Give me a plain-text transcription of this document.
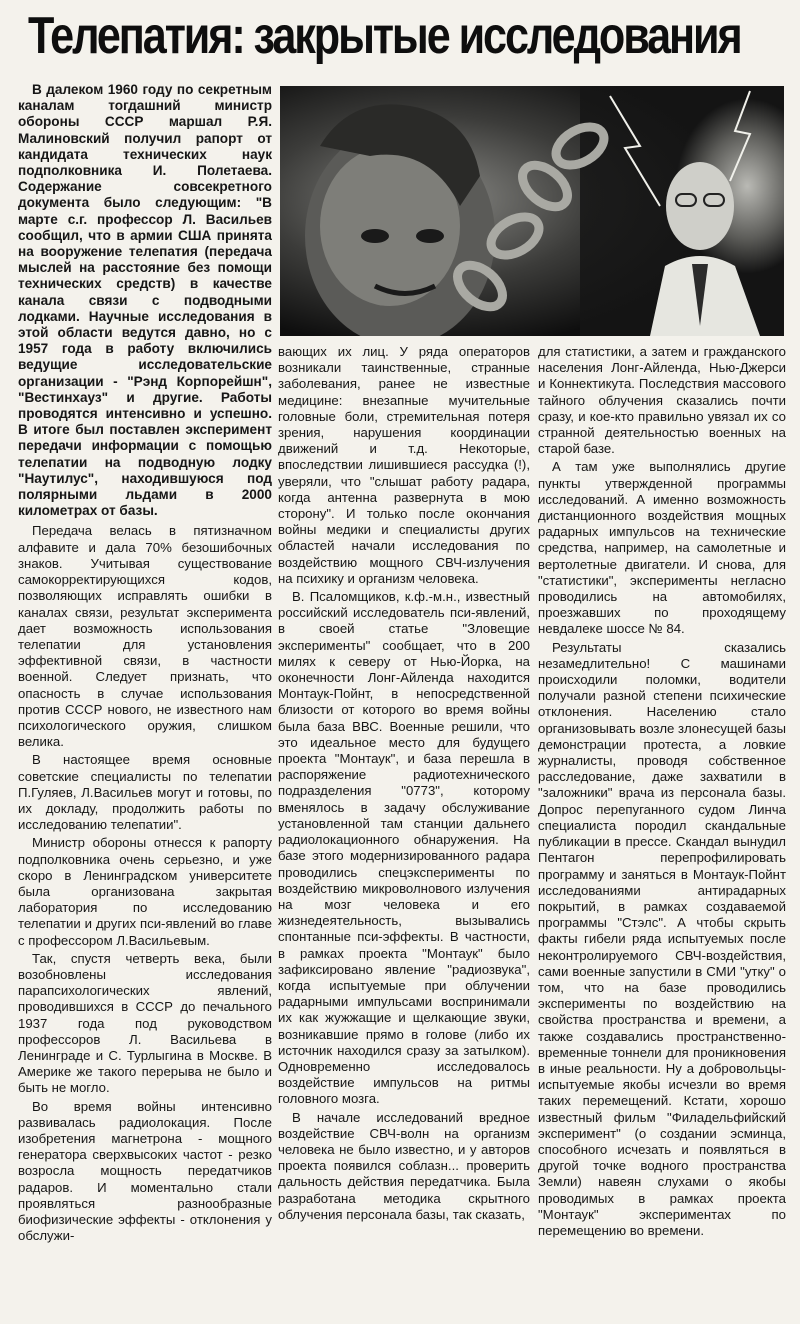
Телепатия: закрытые исследования

В далеком 1960 году по секретным каналам тогдашний министр обороны СССР маршал Р.Я. Малиновский получил рапорт от кандидата технических наук подполковника И. Полетаева. Содержание совсекретного документа было следующим: "В марте с.г. профессор Л. Васильев сообщил, что в армии США принята на вооружение телепатия (передача мыслей на расстояние без помощи технических средств) в качестве канала связи с подводными лодками. Научные исследования в этой области ведутся давно, но с 1957 года в работу включились ведущие исследовательские организации - "Рэнд Корпорейшн", "Вестинхауз" и другие. Работы проводятся интенсивно и успешно. В итоге был поставлен эксперимент передачи информации с помощью телепатии на подводную лодку "Наутилус", находившуюся под полярными льдами в 2000 километрах от базы.

Передача велась в пятизначном алфавите и дала 70% безошибочных знаков. Учитывая существование самокорректирующихся кодов, позволяющих исправлять ошибки в каналах связи, результат эксперимента дает возможность использования телепатии для установления эффективной связи, в частности военной. Следует признать, что опасность в случае использования против СССР нового, не известного нам психологического оружия, слишком велика.

В настоящее время основные советские специалисты по телепатии П.Гуляев, Л.Васильев могут и готовы, по их докладу, продолжить работы по исследованию телепатии".

Министр обороны отнесся к рапорту подполковника очень серьезно, и уже скоро в Ленинградском университете была организована закрытая лаборатория по исследованию телепатии и других пси-явлений во главе с профессором Л.Васильевым.

Так, спустя четверть века, были возобновлены исследования парапсихологических явлений, проводившихся в СССР до печального 1937 года под руководством профессоров Л. Васильева в Ленинграде и С. Турлыгина в Москве. В Америке же такого перерыва не было и быть не могло.

Во время войны интенсивно развивалась радиолокация. После изобретения магнетрона - мощного генератора сверхвысоких частот - резко возросла мощность передатчиков радаров. И моментально стали проявляться разнообразные биофизические эффекты - отклонения у обслужи-

вающих их лиц. У ряда операторов возникали таинственные, странные заболевания, ранее не известные медицине: внезапные мучительные головные боли, стремительная потеря зрения, нарушения координации движений и т.д. Некоторые, впоследствии лишившиеся рассудка (!), уверяли, что "слышат работу радара, когда антенна развернута в мою сторону". И только после окончания войны медики и специалисты других областей начали исследования по воздействию мощного СВЧ-излучения на психику и организм человека.

В. Псаломщиков, к.ф.-м.н., известный российский исследователь пси-явлений, в своей статье "Зловещие эксперименты" сообщает, что в 200 милях к северу от Нью-Йорка, на оконечности Лонг-Айленда находится Монтаук-Пойнт, в непосредственной близости от которого во время войны была база ВВС. Военные решили, что это идеальное место для будущего проекта "Монтаук", и база перешла в распоряжение радиотехнического подразделения "0773", которому вменялось в задачу обслуживание установленной там станции дальнего радиолокационного обнаружения. На базе этого модернизированного радара проводились спецэксперименты по воздействию микроволнового излучения на мозг человека и его жизнедеятельность, вызывались спонтанные пси-эффекты. В частности, в рамках проекта "Монтаук" было зафиксировано явление "радиозвука", когда испытуемые при облучении радарными импульсами воспринимали их как жужжащие и щелкающие звуки, возникавшие прямо в голове (либо их источник находился сразу за затылком). Одновременно исследовалось воздействие импульсов на ритмы головного мозга.

В начале исследований вредное воздействие СВЧ-волн на организм человека не было известно, и у авторов проекта появился соблазн... проверить дальность действия передатчика. Была разработана методика скрытного облучения персонала базы, так сказать,

для статистики, а затем и гражданского населения Лонг-Айленда, Нью-Джерси и Коннектикута. Последствия массового тайного облучения сказались почти сразу, и кое-кто правильно увязал их со странной деятельностью военных на старой базе.

А там уже выполнялись другие пункты утвержденной программы исследований. А именно возможность дистанционного воздействия мощных радарных импульсов на технические средства, например, на самолетные и вертолетные двигатели. И снова, для "статистики", эксперименты негласно проводились на автомобилях, проезжавших по проходящему невдалеке шоссе № 84.

Результаты сказались незамедлительно! С машинами происходили поломки, водители получали разной степени психические отклонения. Населению стало организовывать возле злонесущей базы демонстрации протеста, а ловкие журналисты, проводя собственное расследование, даже захватили в "заложники" врача из персонала базы. Допрос перепуганного судом Линча специалиста породил скандальные публикации в прессе. Скандал вынудил Пентагон перепрофилировать программу и заняться в Монтаук-Пойнт исследованиями антирадарных покрытий, в рамках создаваемой программы "Стэлс". А чтобы скрыть факты гибели ряда испытуемых после неконтролируемого СВЧ-воздействия, сами военные запустили в СМИ "утку" о том, что на базе проводились эксперименты по воздействию на свойства пространства и времени, а также создавались пространственно-временные тоннели для проникновения в иные реальности. Ну а добровольцы-испытуемые якобы исчезли во время таких перемещений. Кстати, хорошо известный фильм "Филадельфийский эксперимент" (о создании эсминца, способного исчезать и появляться в другой точке водного пространства Земли) навеян слухами о якобы проводимых в рамках проекта "Монтаук" экспериментах по перемещению во времени.
